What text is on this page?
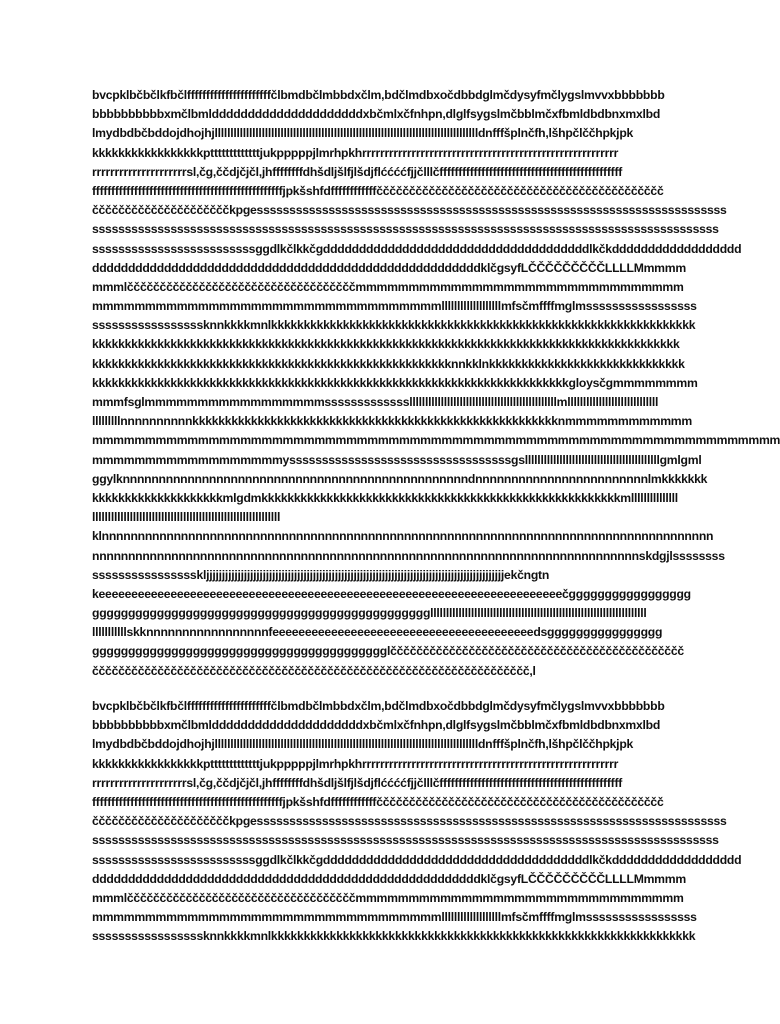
bvcpklbčbčlkfbčlffffffffffffffffffffffčlbmdbčlmbbdxčlm,bdčlmdbxočdbbdglmčdysyfmčlygslmvvxbbbbbbb
bbbbbbbbbbxmčlbmldddddddddddddddddddddxbčmlxčfnhpn,dlglfsygslmčbblmčxfbmldbdbnxmxlbd
lmydbdbčbddojdhojhjlllllllllllllllllllllllllllllllllllllllllllllllllllllllllllllllllllllllllllllllllllldnfffšplnčfh,lšhpčlččhpkjpk
kkkkkkkkkkkkkkkkkptttttttttttttjukpppppjlmrhpkhrrrrrrrrrrrrrrrrrrrrrrrrrrrrrrrrrrrrrrrrrrrrrrrrrrrrrrrrr
rrrrrrrrrrrrrrrrrrrrrsl,čg,ččdjčjčl,jhffffffffdhšdljšlfjlšdjflććććfjjčlllčffffffffffffffffffffffffffffffffffffffffffffffff
ffffffffffffffffffffffffffffffffffffffffffffffffffjpkšshfdffffffffffffčččččččččččččččččččččččččččččččččččččččččččč
čččččččččččččččččččččkpgessssssssssssssssssssssssssssssssssssssssssssssssssssssssssssssssssssssss
ssssssssssssssssssssssssssssssssssssssssssssssssssssssssssssssssssssssssssssssssssssssssssssssss
sssssssssssssssssssssssssggdlkčlkkčgdddddddddddddddddddddddddddddddddddddlkčkdddddddddddddddddd
ddddddddddddddddddddddddddddddddddddddddddddddddddddddklčgsyfLČČČČČČČČČLLLLMmmmm
mmmlčččččččččččččččččččččččččččččččččččmmmmmmmmmmmmmmmmmmmmmmmmmmmmmmm
mmmmmmmmmmmmmmmmmmmmmmmmmmmmmmmmmlllllllllllllllllllmfsčmffffmglmsssssssssssssssss
sssssssssssssssssknnkkkkmnlkkkkkkkkkkkkkkkkkkkkkkkkkkkkkkkkkkkkkkkkkkkkkkkkkkkkkkkkkkkkkkkkk
kkkkkkkkkkkkkkkkkkkkkkkkkkkkkkkkkkkkkkkkkkkkkkkkkkkkkkkkkkkkkkkkkkkkkkkkkkkkkkkkkkkkkkkkkk
kkkkkkkkkkkkkkkkkkkkkkkkkkkkkkkkkkkkkkkkkkkkkkkkkkkkkkknnkklnkkkkkkkkkkkkkkkkkkkkkkkkkkkkkk
kkkkkkkkkkkkkkkkkkkkkkkkkkkkkkkkkkkkkkkkkkkkkkkkkkkkkkkkkkkkkkkkkkkkkkkkkgloysčgmmmmmmmm
mmmfsglmmmmmmmmmmmmmmmmmssssssssssssslllllllllllllllllllllllllllllllllllllllllllllllmlllllllllllllllllllllllllllll
lllllllllnnnnnnnnnnkkkkkkkkkkkkkkkkkkkkkkkkkkkkkkkkkkkkkkkkkkkkkkkkkkkkkkkknmmmmmmmmmmmm
mmmmmmmmmmmmmmmmmmmmmmmmmmmmmmmmmmmmmmmmmmmmmmmmmmmmmmmmmmmmmmmmm
mmmmmmmmmmmmmmmmmmyssssssssssssssssssssssssssssssssssgslllllllllllllllllllllllllllllllllllllllllllgmlgml
ggylknnnnnnnnnnnnnnnnnnnnnnnnnnnnnnnnnnnnnnnnnnnnnnnndnnnnnnnnnnnnnnnnnnnnnnnnlmkkkkkkk
kkkkkkkkkkkkkkkkkkkkmlgdmkkkkkkkkkkkkkkkkkkkkkkkkkkkkkkkkkkkkkkkkkkkkkkkkkkkkkkkmlllllllllllllll
llllllllllllllllllllllllllllllllllllllllllllllllllllllllllll
klnnnnnnnnnnnnnnnnnnnnnnnnnnnnnnnnnnnnnnnnnnnnnnnnnnnnnnnnnnnnnnnnnnnnnnnnnnnnnnnnnnnnn
nnnnnnnnnnnnnnnnnnnnnnnnnnnnnnnnnnnnnnnnnnnnnnnnnnnnnnnnnnnnnnnnnnnnnnnnnnnnskdgjlssssssss
sssssssssssssssskljjjjjjjjjjjjjjjjjjjjjjjjjjjjjjjjjjjjjjjjjjjjjjjjjjjjjjjjjjjjjjjjjjjjjjjjjjjjjjjjjjjjjjjjjjjjjjjekčngtn
keeeeeeeeeeeeeeeeeeeeeeeeeeeeeeeeeeeeeeeeeeeeeeeeeeeeeeeeeeeeeeeeeeeeeeečggggggggggggggggg
ggggggggggggggggggggggggggggggggggggggggggggggglllllllllllllllllllllllllllllllllllllllllllllllllllllllllllllllllllll
lllllllllllskknnnnnnnnnnnnnnnnnfeeeeeeeeeeeeeeeeeeeeeeeeeeeeeeeeeeeeeeeedsgggggggggggggggg
ggggggggggggggggggggggggggggggggggggggggglččččččččččččččččččččččččččččččččččččččččččččč
ččččččččččččččččččččččččččččččččččččččččččččččččččččččččččččččččččč,l
bvcpklbčbčlkfbčlffffffffffffffffffffffčlbmdbčlmbbdxčlm,bdčlmdbxočdbbdglmčdysyfmčlygslmvvxbbbbbbb
bbbbbbbbbbxmčlbmldddddddddddddddddddddxbčmlxčfnhpn,dlglfsygslmčbblmčxfbmldbdbnxmxlbd
lmydbdbčbddojdhojhjlllllllllllllllllllllllllllllllllllllllllllllllllllllllllllllllllllllllllllllllllllldnfffšplnčfh,lšhpčlččhpkjpk
kkkkkkkkkkkkkkkkkptttttttttttttjukpppppjlmrhpkhrrrrrrrrrrrrrrrrrrrrrrrrrrrrrrrrrrrrrrrrrrrrrrrrrrrrrrrrr
rrrrrrrrrrrrrrrrrrrrrsl,čg,ččdjčjčl,jhffffffffdhšdljšlfjlšdjflććććfjjčlllčffffffffffffffffffffffffffffffffffffffffffffffff
ffffffffffffffffffffffffffffffffffffffffffffffffffjpkšshfdffffffffffffčččččččččččččččččččččččččččččččččččččččččččč
čččččččččččččččččččččkpgessssssssssssssssssssssssssssssssssssssssssssssssssssssssssssssssssssssss
ssssssssssssssssssssssssssssssssssssssssssssssssssssssssssssssssssssssssssssssssssssssssssssssss
sssssssssssssssssssssssssggdlkčlkkčgdddddddddddddddddddddddddddddddddddddlkčkdddddddddddddddddd
ddddddddddddddddddddddddddddddddddddddddddddddddddddddklčgsyfLČČČČČČČČČLLLLMmmmm
mmmlčččččččččččččččččččččččččččččččččččmmmmmmmmmmmmmmmmmmmmmmmmmmmmmmm
mmmmmmmmmmmmmmmmmmmmmmmmmmmmmmmmmlllllllllllllllllllmfsčmffffmglmsssssssssssssssss
sssssssssssssssssknnkkkkmnlkkkkkkkkkkkkkkkkkkkkkkkkkkkkkkkkkkkkkkkkkkkkkkkkkkkkkkkkkkkkkkkkk
